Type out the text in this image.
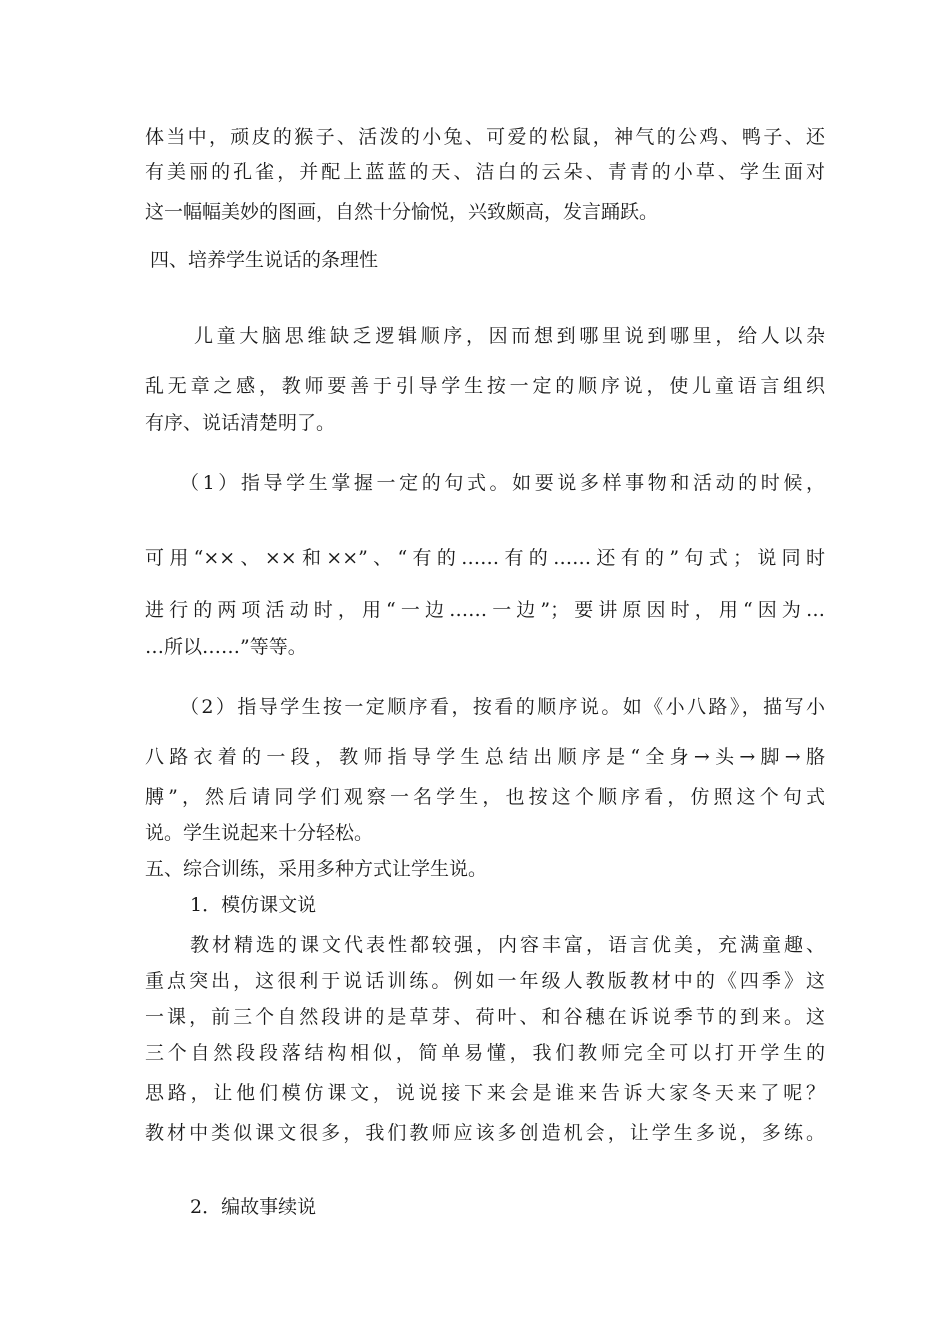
体当中，顽皮的猴子、活泼的小兔、可爱的松鼠，神气的公鸡、鸭子、还
有美丽的孔雀，并配上蓝蓝的天、洁白的云朵、青青的小草、学生面对
这一幅幅美妙的图画，自然十分愉悦，兴致颇高，发言踊跃。
四、培养学生说话的条理性
儿童大脑思维缺乏逻辑顺序，因而想到哪里说到哪里，给人以杂
乱无章之感，教师要善于引导学生按一定的顺序说，使儿童语言组织
有序、说话清楚明了。
（1）指导学生掌握一定的句式。如要说多样事物和活动的时候，
可用“××、××和××”、“有的……有的……还有的”句式；说同时
进行的两项活动时，用“一边……一边”；要讲原因时，用“因为…
…所以……”等等。
（2）指导学生按一定顺序看，按看的顺序说。如《小八路》，描写小
八路衣着的一段，教师指导学生总结出顺序是“全身→头→脚→胳
膊”，然后请同学们观察一名学生，也按这个顺序看，仿照这个句式
说。学生说起来十分轻松。
五、综合训练，采用多种方式让学生说。
1．模仿课文说
教材精选的课文代表性都较强，内容丰富，语言优美，充满童趣、
重点突出，这很利于说话训练。例如一年级人教版教材中的《四季》这
一课，前三个自然段讲的是草芽、荷叶、和谷穗在诉说季节的到来。这
三个自然段段落结构相似，简单易懂，我们教师完全可以打开学生的
思路，让他们模仿课文，说说接下来会是谁来告诉大家冬天来了呢？
教材中类似课文很多，我们教师应该多创造机会，让学生多说，多练。
2．编故事续说
